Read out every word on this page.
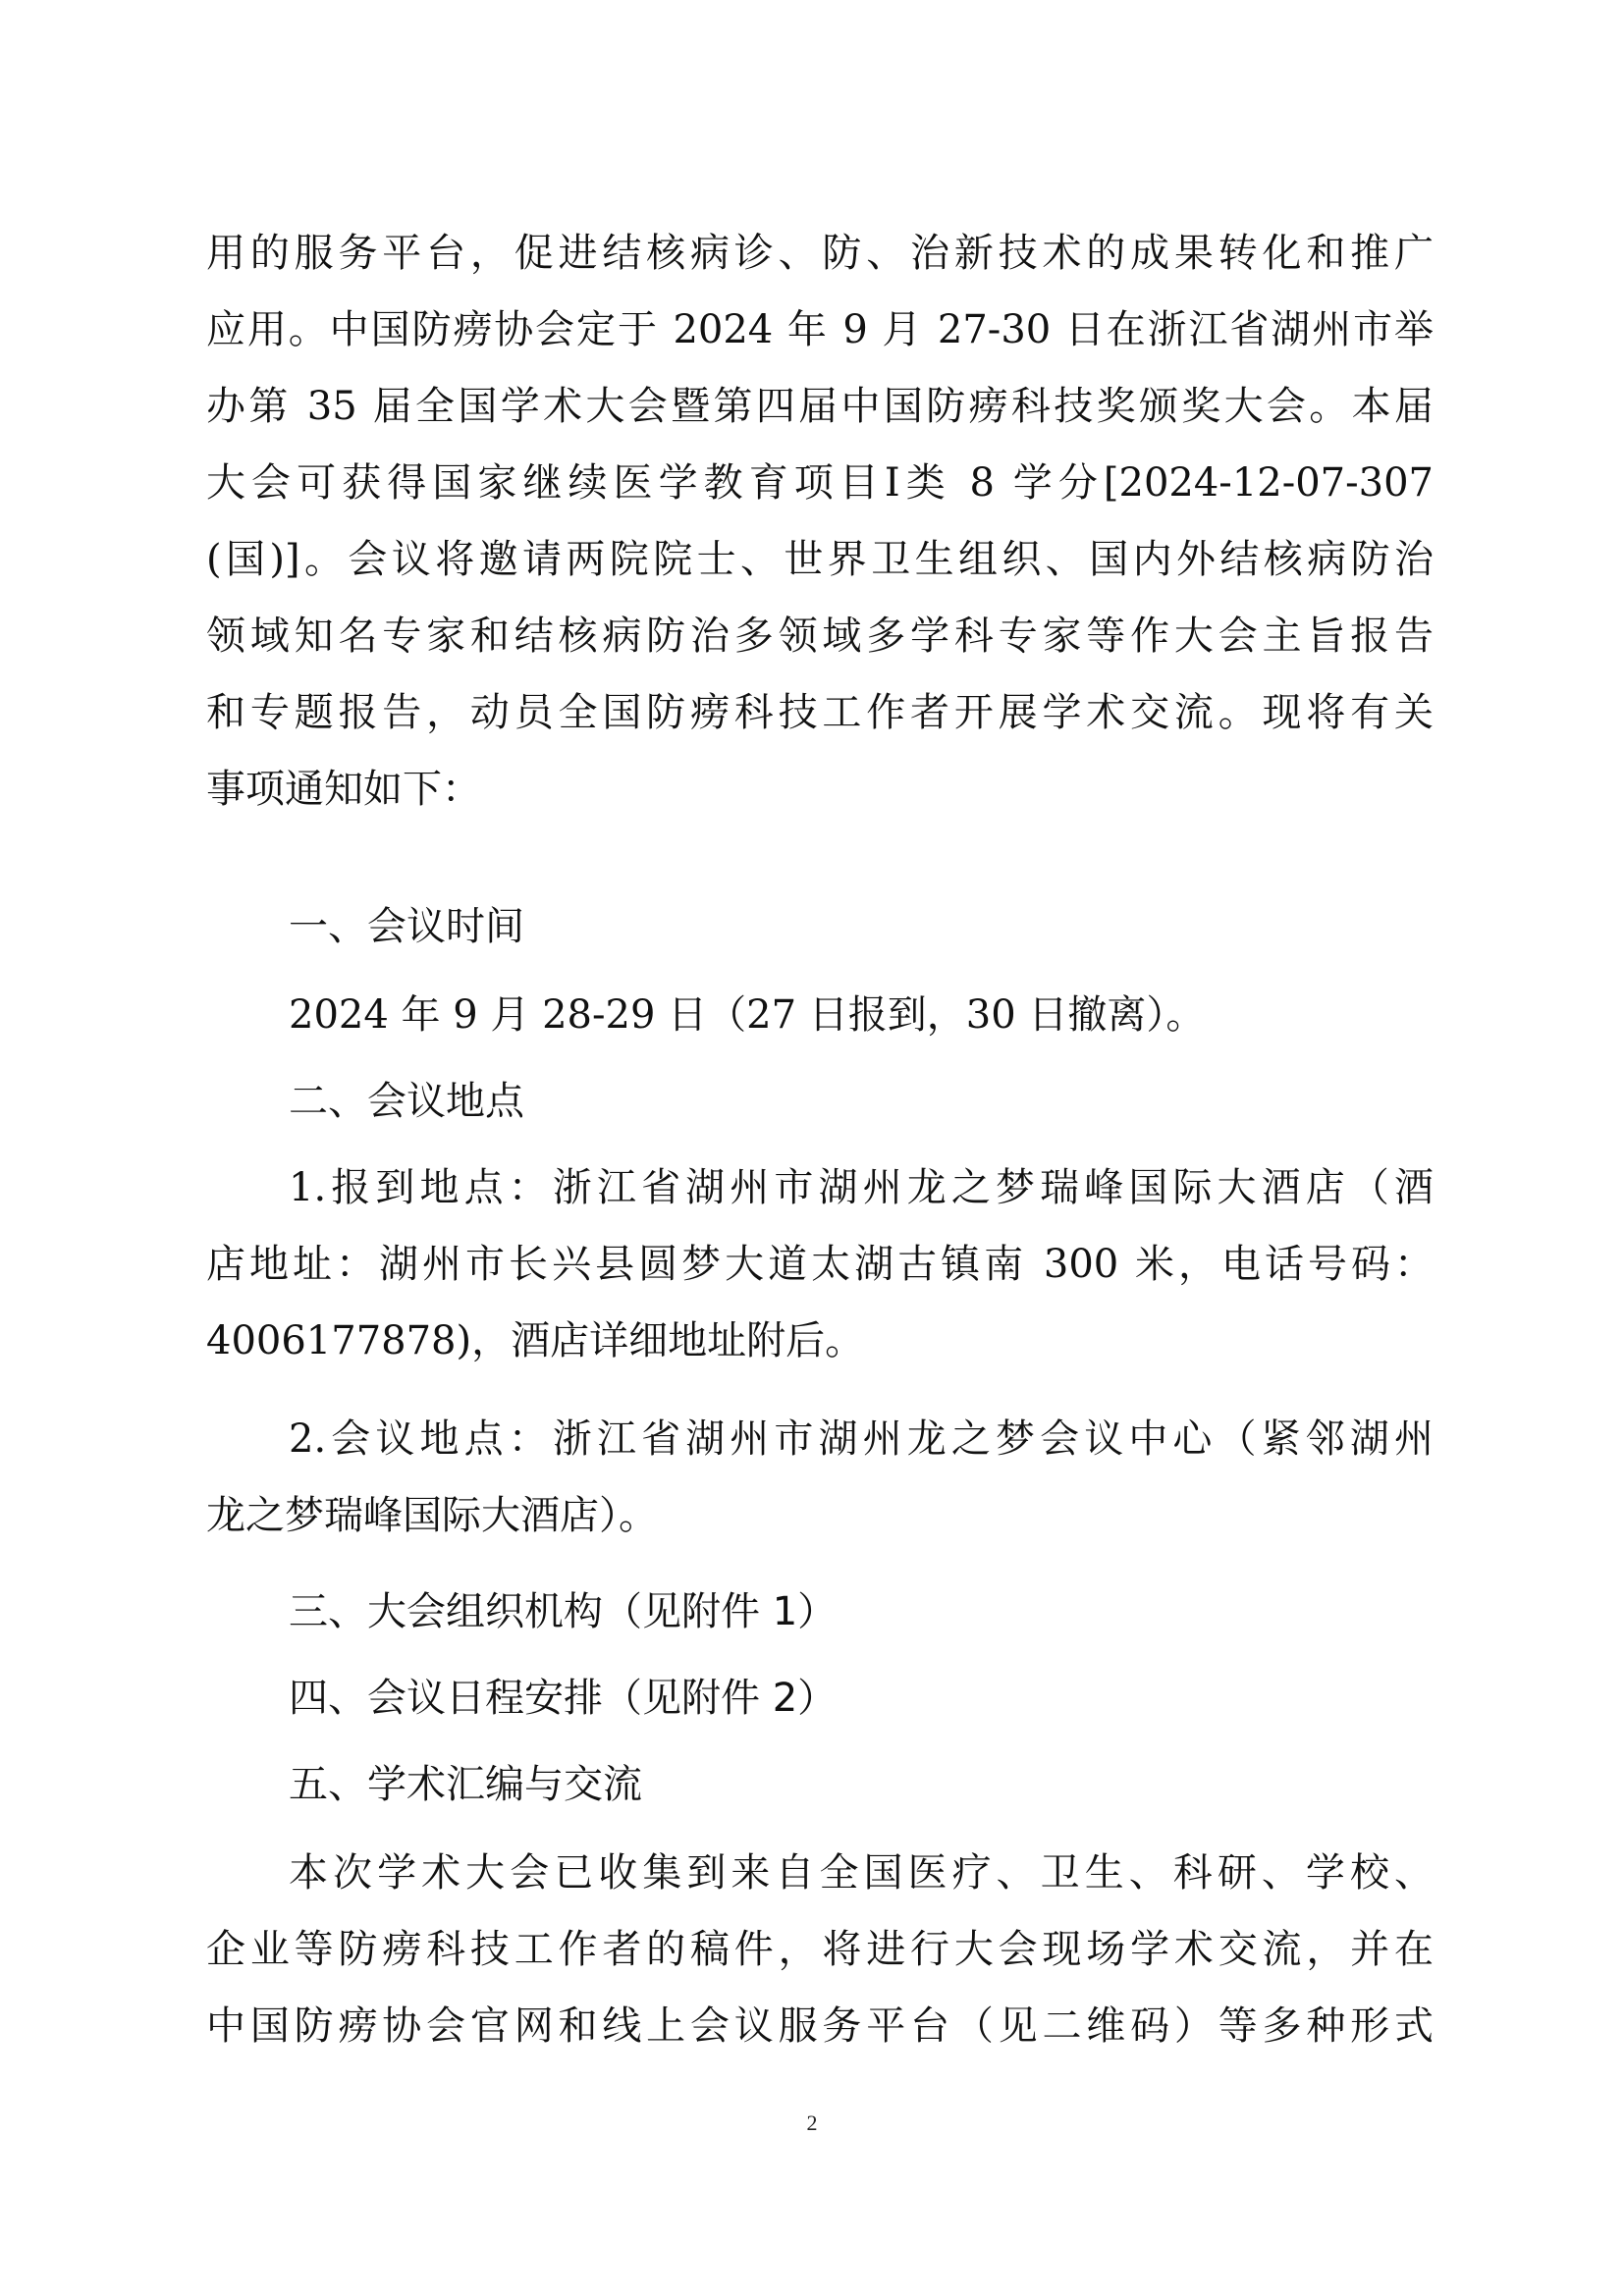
用的服务平台，促进结核病诊、防、治新技术的成果转化和推广
应用。中国防痨协会定于 2024 年 9 月 27-30 日在浙江省湖州市举
办第 35 届全国学术大会暨第四届中国防痨科技奖颁奖大会。本届
大会可获得国家继续医学教育项目Ⅰ类 8 学分[2024-12-07-307
(国)]。会议将邀请两院院士、世界卫生组织、国内外结核病防治
领域知名专家和结核病防治多领域多学科专家等作大会主旨报告
和专题报告，动员全国防痨科技工作者开展学术交流。现将有关
事项通知如下：
一、会议时间
2024 年 9 月 28-29 日（27 日报到，30 日撤离）。
二、会议地点
1.报到地点：浙江省湖州市湖州龙之梦瑞峰国际大酒店（酒
店地址：湖州市长兴县圆梦大道太湖古镇南 300 米，电话号码：
4006177878)，酒店详细地址附后。
2.会议地点：浙江省湖州市湖州龙之梦会议中心（紧邻湖州
龙之梦瑞峰国际大酒店）。
三、大会组织机构（见附件 1）
四、会议日程安排（见附件 2）
五、学术汇编与交流
本次学术大会已收集到来自全国医疗、卫生、科研、学校、
企业等防痨科技工作者的稿件，将进行大会现场学术交流，并在
中国防痨协会官网和线上会议服务平台（见二维码）等多种形式
2
